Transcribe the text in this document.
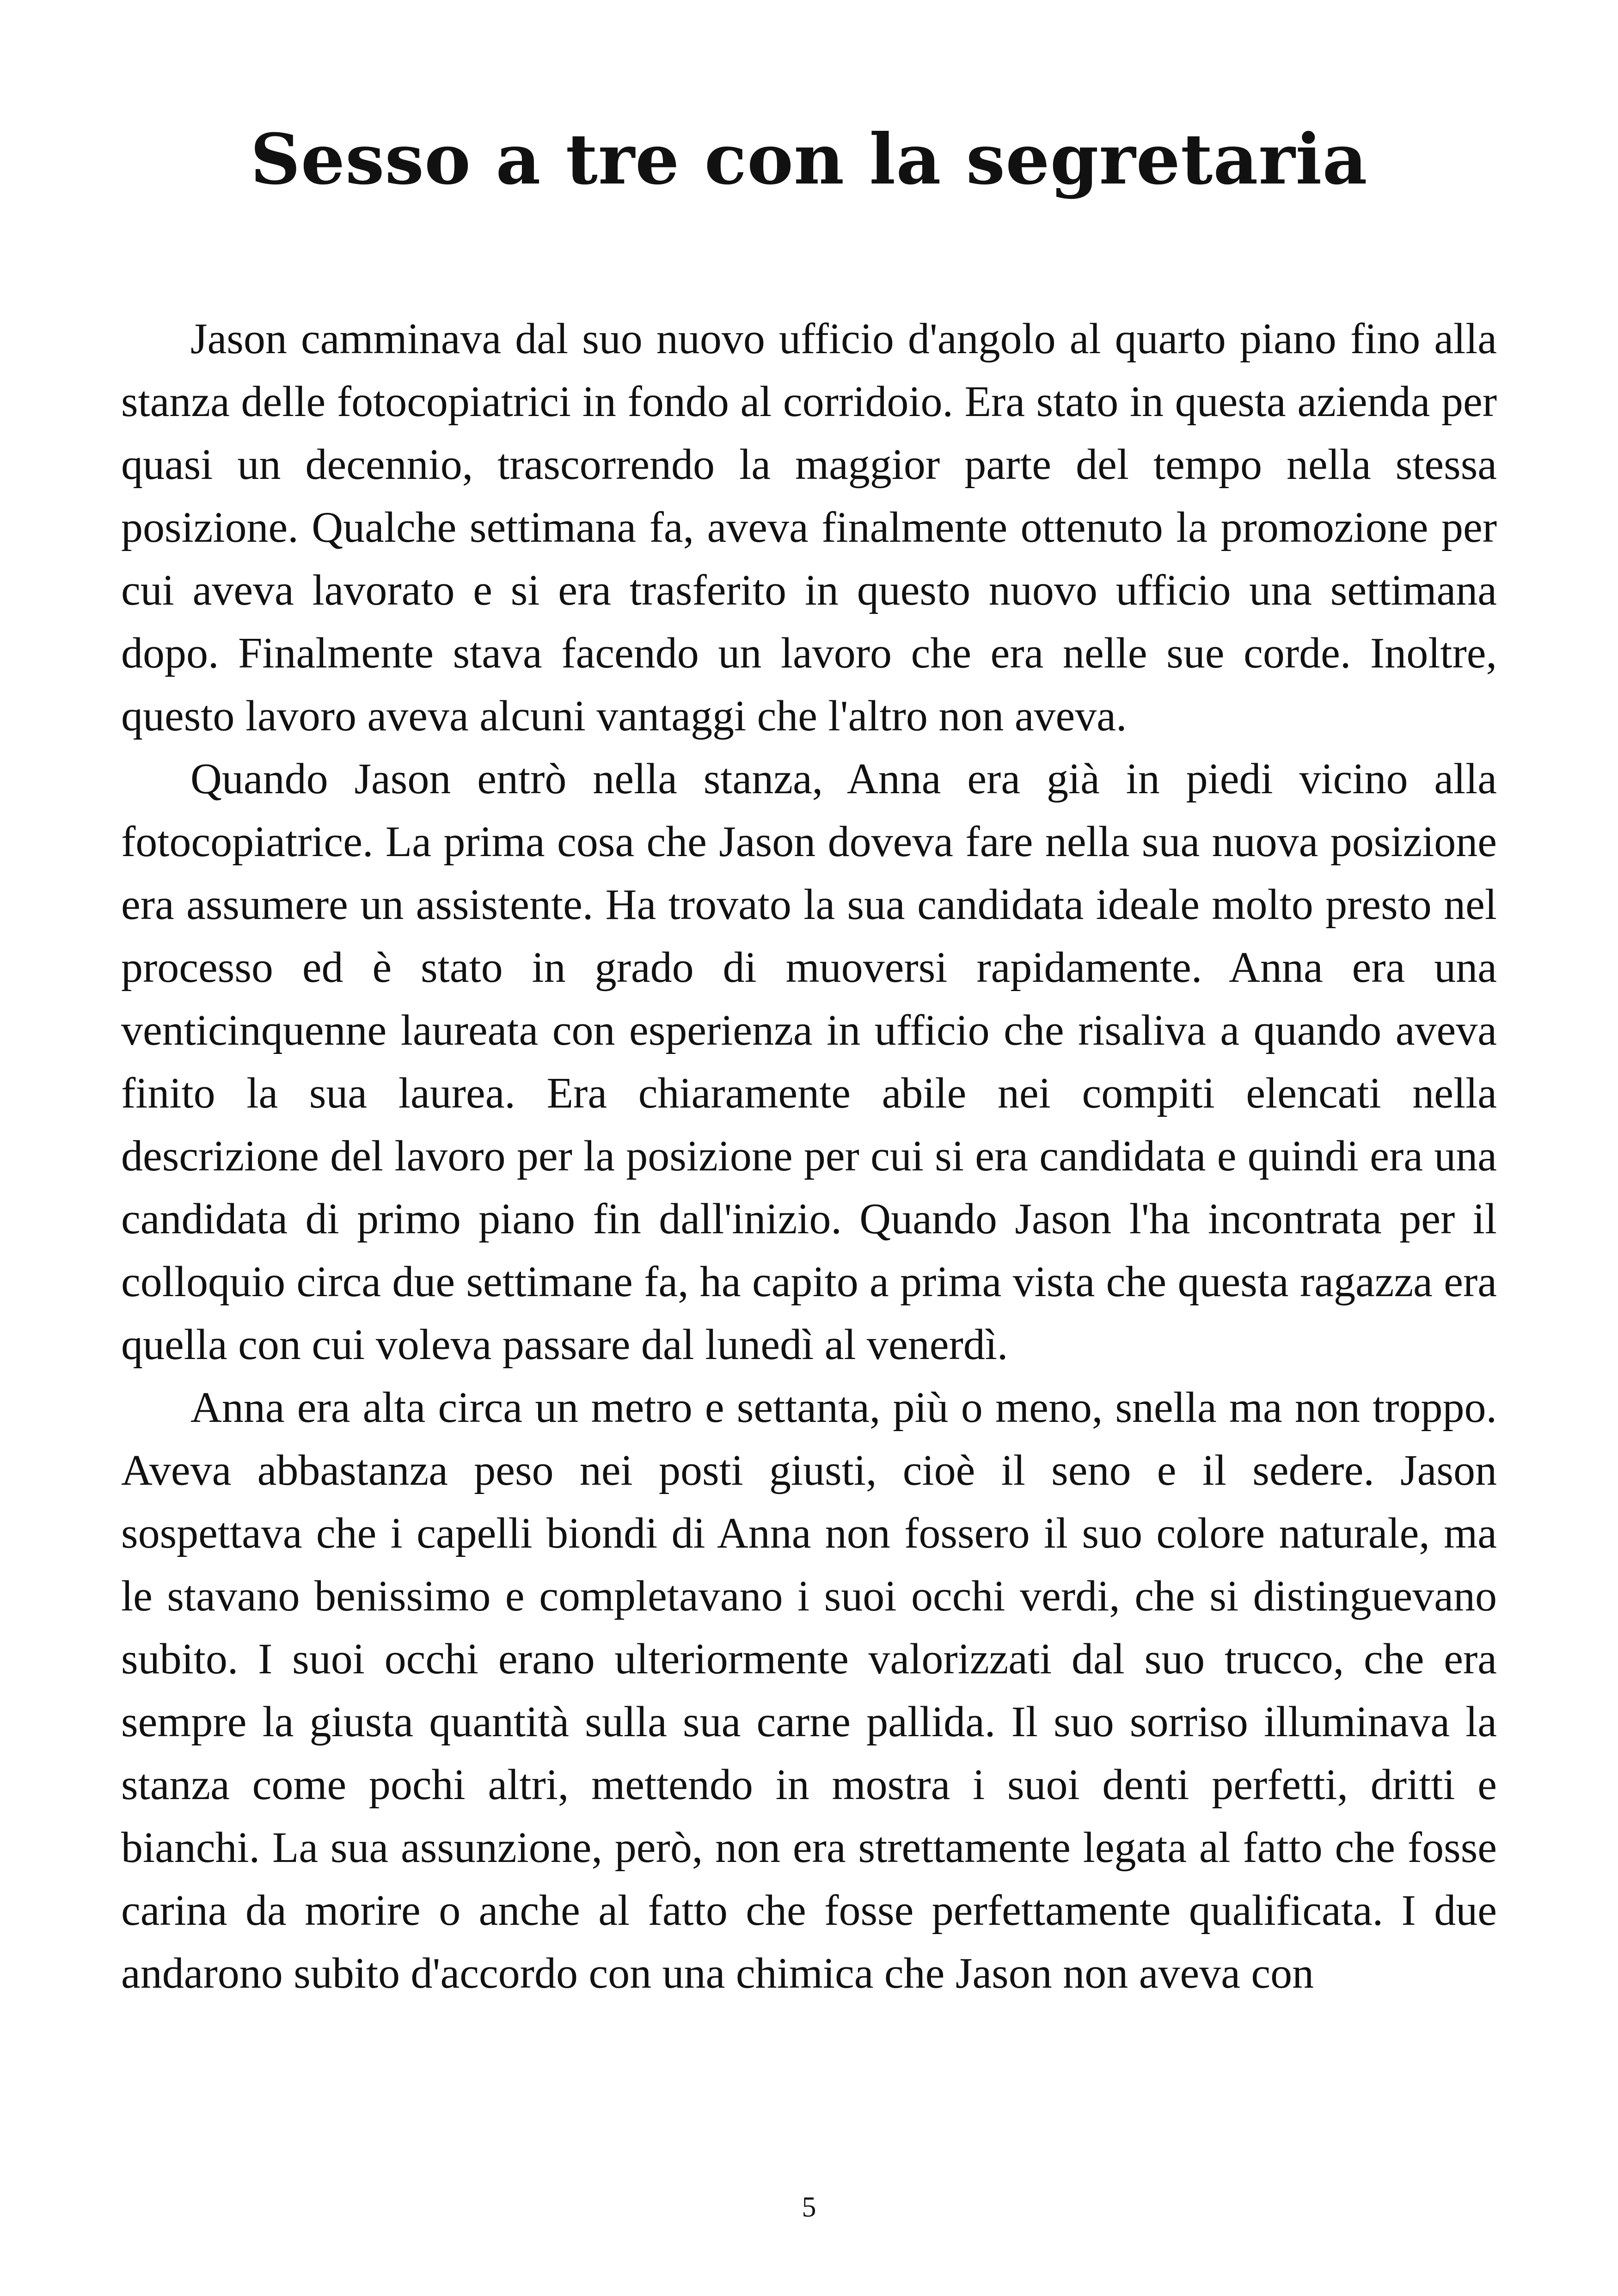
Sesso a tre con la segretaria

Jason camminava dal suo nuovo ufficio d'angolo al quarto piano fino alla stanza delle fotocopiatrici in fondo al corridoio. Era stato in questa azienda per quasi un decennio, trascorrendo la maggior parte del tempo nella stessa posizione. Qualche settimana fa, aveva finalmente ottenuto la promozione per cui aveva lavorato e si era trasferito in questo nuovo ufficio una settimana dopo. Finalmente stava facendo un lavoro che era nelle sue corde. Inoltre, questo lavoro aveva alcuni vantaggi che l'altro non aveva.

Quando Jason entrò nella stanza, Anna era già in piedi vicino alla fotocopiatrice. La prima cosa che Jason doveva fare nella sua nuova posizione era assumere un assistente. Ha trovato la sua candidata ideale molto presto nel processo ed è stato in grado di muoversi rapidamente. Anna era una venticinquenne laureata con esperienza in ufficio che risaliva a quando aveva finito la sua laurea. Era chiaramente abile nei compiti elencati nella descrizione del lavoro per la posizione per cui si era candidata e quindi era una candidata di primo piano fin dall'inizio. Quando Jason l'ha incontrata per il colloquio circa due settimane fa, ha capito a prima vista che questa ragazza era quella con cui voleva passare dal lunedì al venerdì.

Anna era alta circa un metro e settanta, più o meno, snella ma non troppo. Aveva abbastanza peso nei posti giusti, cioè il seno e il sedere. Jason sospettava che i capelli biondi di Anna non fossero il suo colore naturale, ma le stavano benissimo e completavano i suoi occhi verdi, che si distinguevano subito. I suoi occhi erano ulteriormente valorizzati dal suo trucco, che era sempre la giusta quantità sulla sua carne pallida. Il suo sorriso illuminava la stanza come pochi altri, mettendo in mostra i suoi denti perfetti, dritti e bianchi. La sua assunzione, però, non era strettamente legata al fatto che fosse carina da morire o anche al fatto che fosse perfettamente qualificata. I due andarono subito d'accordo con una chimica che Jason non aveva con

5
